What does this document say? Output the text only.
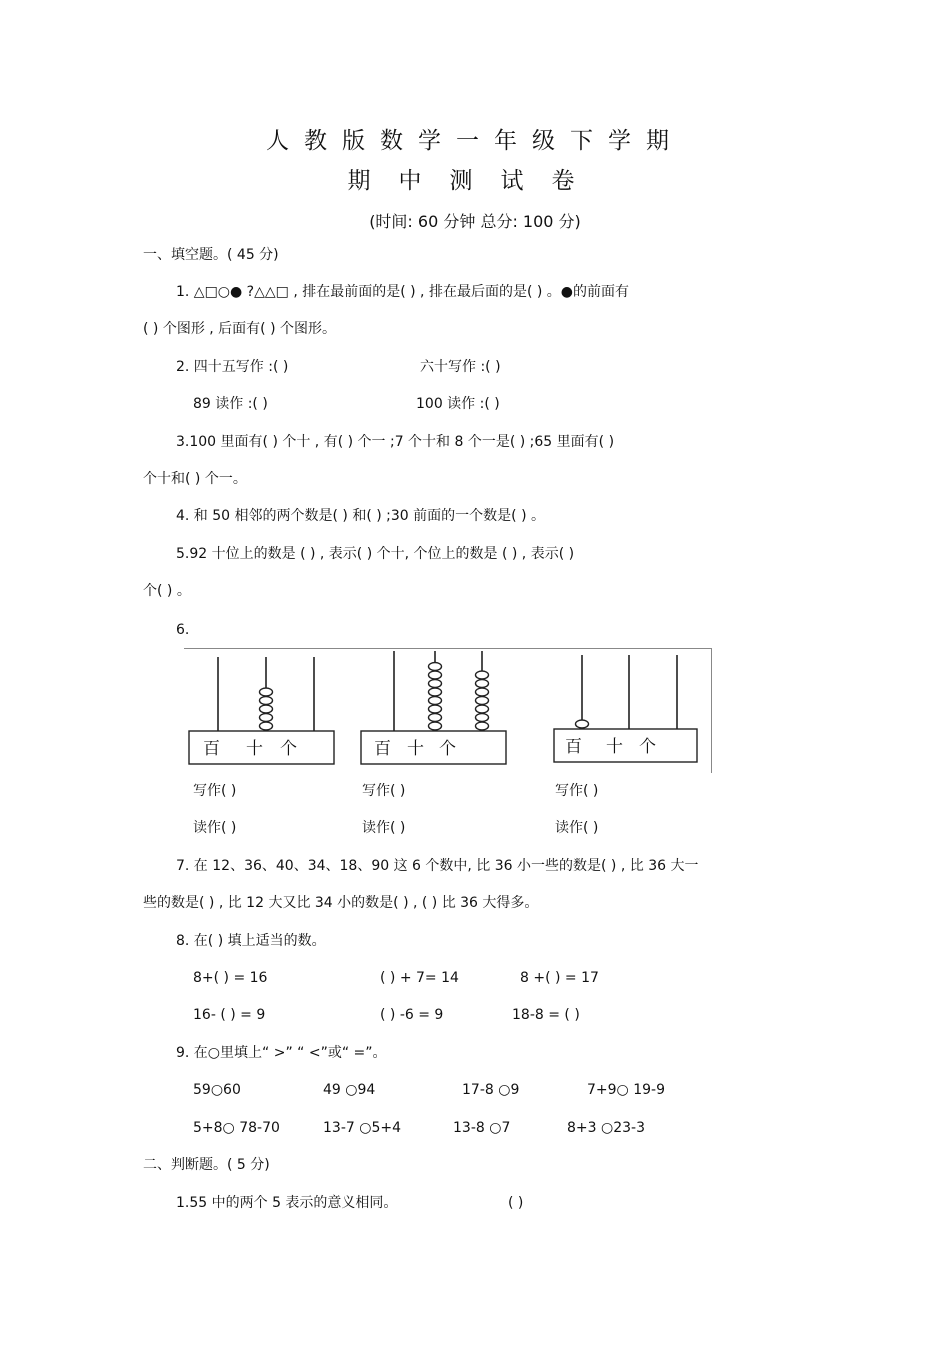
人教版数学一年级下学期
期中测试卷
(时间: 60 分钟 总分: 100 分)
一、填空题。( 45 分)
1. △□○● ?△△□ , 排在最前面的是( ) , 排在最后面的是( ) 。●的前面有
( ) 个图形 , 后面有( ) 个图形。
2. 四十五写作 :( )	六十写作 :( )
89 读作 :( )	100 读作 :( )
3.100 里面有( ) 个十 , 有( ) 个一 ;7 个十和 8 个一是( ) ;65 里面有( )
个十和( ) 个一。
4. 和 50 相邻的两个数是( ) 和( ) ;30 前面的一个数是( ) 。
5.92 十位上的数是 ( ) , 表示( ) 个十, 个位上的数是 ( ) , 表示( )
个( ) 。
6.
百 十 个	百 十 个	百 十 个
写作( )	写作( )	写作( )
读作( )	读作( )	读作( )
7. 在 12、36、40、34、18、90 这 6 个数中, 比 36 小一些的数是( ) , 比 36 大一
些的数是( ) , 比 12 大又比 34 小的数是( ) , ( ) 比 36 大得多。
8. 在( ) 填上适当的数。
8+( ) = 16	( ) + 7= 14	8 +( ) = 17
16- ( ) = 9	( ) -6 = 9	18-8 = ( )
9. 在○里填上“ >” “ <”或“ =”。
59○60	49 ○94	17-8 ○9	7+9○ 19-9
5+8○ 78-70	13-7 ○5+4	13-8 ○7	8+3 ○23-3
二、判断题。( 5 分)
1.55 中的两个 5 表示的意义相同。	( )
